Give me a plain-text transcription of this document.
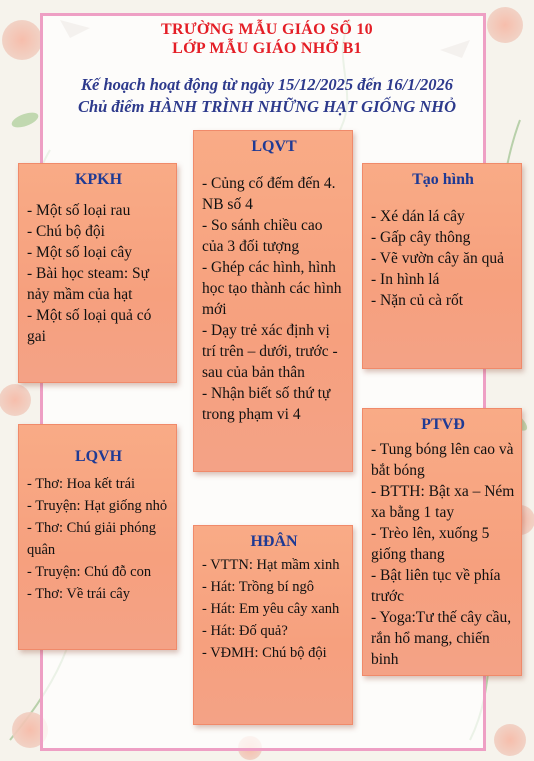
TRƯỜNG MẪU GIÁO SỐ 10
LỚP MẪU GIÁO NHỠ B1
Kế hoạch hoạt động từ ngày 15/12/2025 đến 16/1/2026
Chủ điểm HÀNH TRÌNH NHỮNG HẠT GIỐNG NHỎ
KPKH
- Một số loại rau
- Chú bộ đội
- Một số loại cây
- Bài học steam: Sự nảy mầm của hạt
- Một số loại quả có gai
LQVT
- Củng cố đếm đến 4. NB số 4
- So sánh chiều cao của 3 đối tượng
- Ghép các hình, hình học tạo thành các hình mới
- Dạy trẻ xác định vị trí trên – dưới, trước - sau của bản thân
- Nhận biết số thứ tự trong phạm vi 4
Tạo hình
- Xé dán lá cây
- Gấp cây thông
- Vẽ vườn cây ăn quả
- In hình lá
- Nặn củ cà rốt
LQVH
- Thơ: Hoa kết trái
- Truyện: Hạt giống nhỏ
- Thơ: Chú giải phóng quân
- Truyện: Chú đỗ con
- Thơ: Về trái cây
HĐÂN
- VTTN: Hạt mầm xinh
- Hát: Trồng bí ngô
- Hát: Em yêu cây xanh
- Hát: Đố quả?
- VĐMH: Chú bộ đội
PTVĐ
- Tung bóng lên cao và bắt bóng
- BTTH: Bật xa – Ném xa bằng 1 tay
- Trèo lên, xuống 5 giống thang
- Bật liên tục về phía trước
- Yoga:Tư thế cây cầu, rắn hổ mang, chiến binh
